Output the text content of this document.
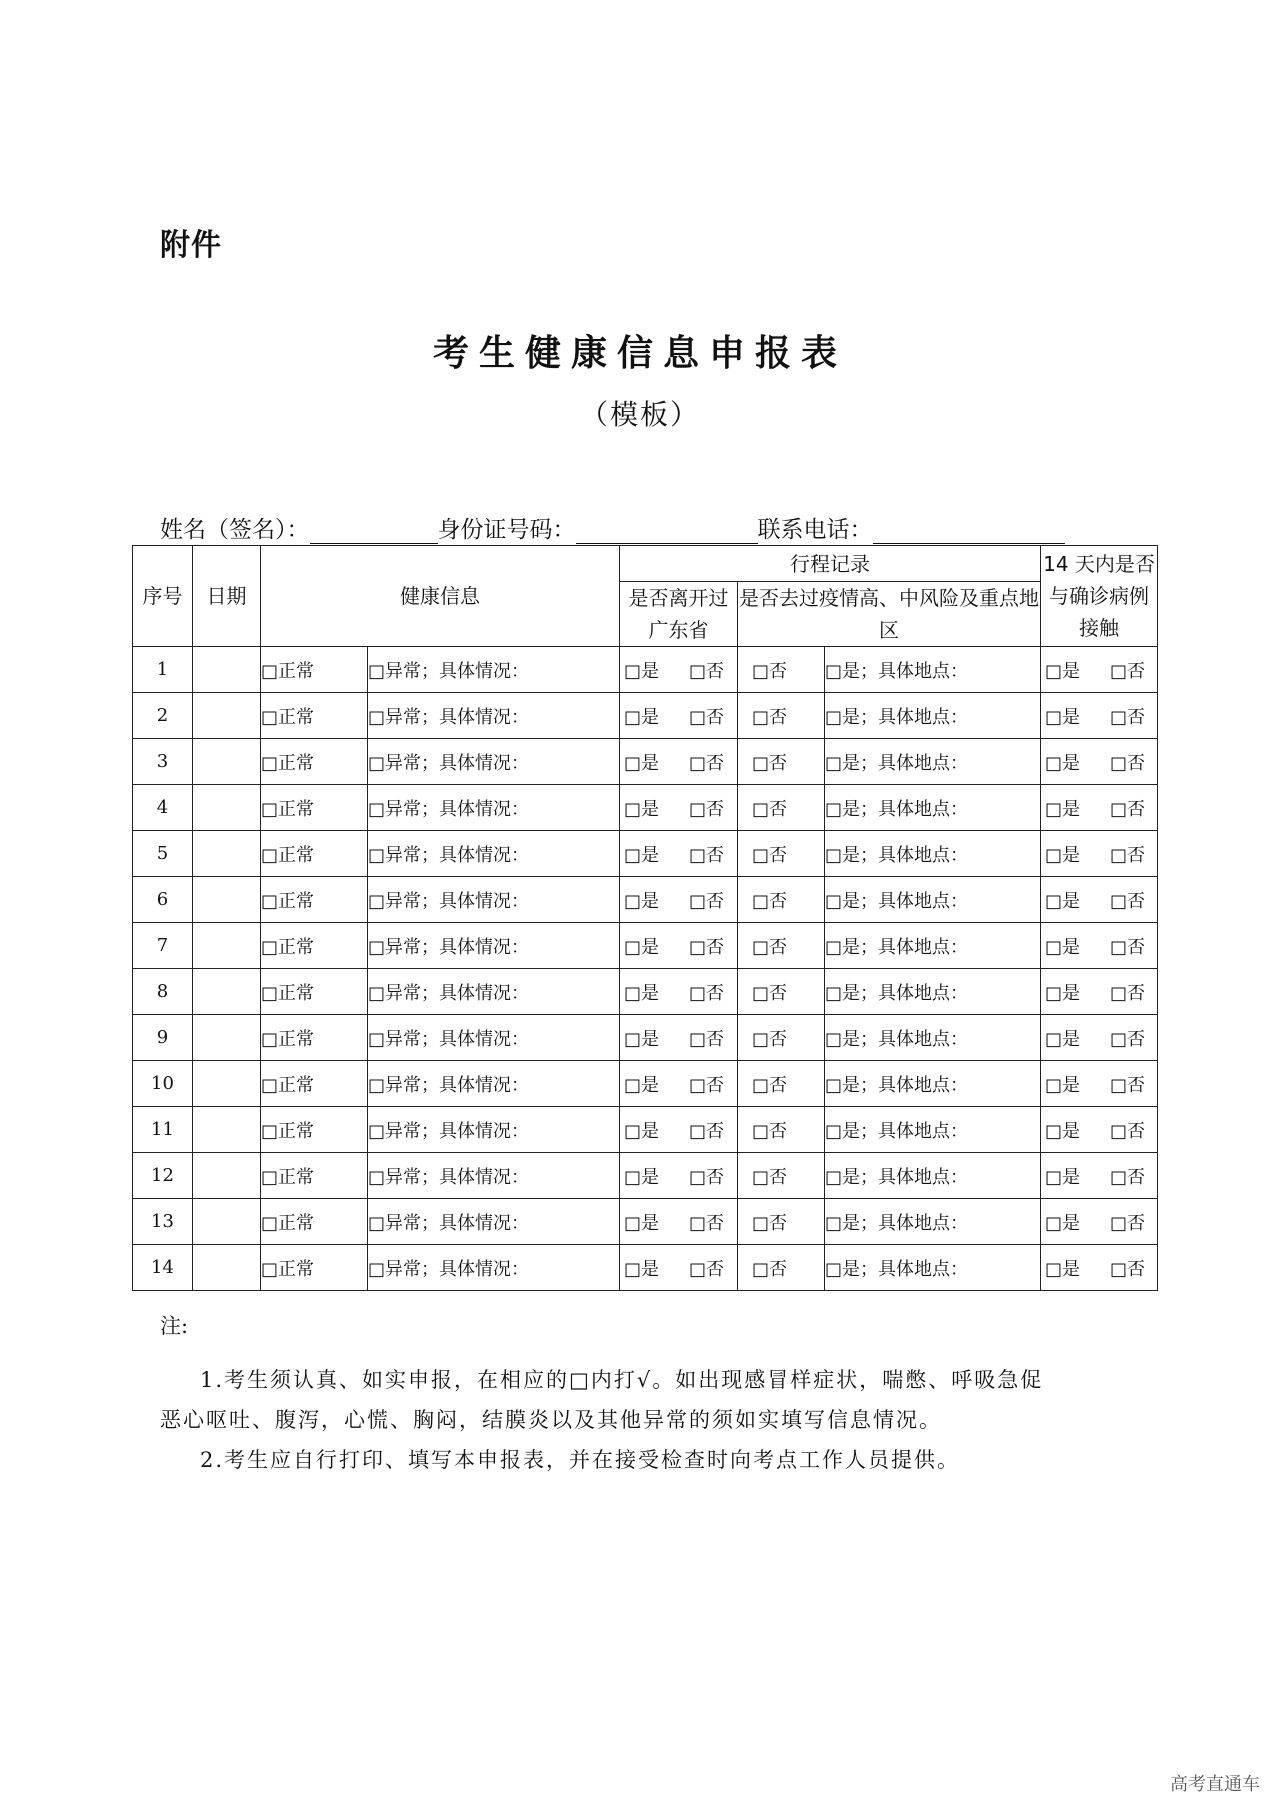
附件
考生健康信息申报表
（模板）
姓名（签名）：	身份证号码：	联系电话：
序号	日期	健康信息		行程记录			14 天内是否与确诊病例接触
				是否离开过广东省	是否去过疫情高、中风险及重点地区		
1		□正常	□异常；具体情况：	□是 □否	□否	□是；具体地点：	□是 □否
2		□正常	□异常；具体情况：	□是 □否	□否	□是；具体地点：	□是 □否
3		□正常	□异常；具体情况：	□是 □否	□否	□是；具体地点：	□是 □否
4		□正常	□异常；具体情况：	□是 □否	□否	□是；具体地点：	□是 □否
5		□正常	□异常；具体情况：	□是 □否	□否	□是；具体地点：	□是 □否
6		□正常	□异常；具体情况：	□是 □否	□否	□是；具体地点：	□是 □否
7		□正常	□异常；具体情况：	□是 □否	□否	□是；具体地点：	□是 □否
8		□正常	□异常；具体情况：	□是 □否	□否	□是；具体地点：	□是 □否
9		□正常	□异常；具体情况：	□是 □否	□否	□是；具体地点：	□是 □否
10		□正常	□异常；具体情况：	□是 □否	□否	□是；具体地点：	□是 □否
11		□正常	□异常；具体情况：	□是 □否	□否	□是；具体地点：	□是 □否
12		□正常	□异常；具体情况：	□是 □否	□否	□是；具体地点：	□是 □否
13		□正常	□异常；具体情况：	□是 □否	□否	□是；具体地点：	□是 □否
14		□正常	□异常；具体情况：	□是 □否	□否	□是；具体地点：	□是 □否
注:
1.考生须认真、如实申报，在相应的□内打√。如出现感冒样症状，喘憋、呼吸急促
恶心呕吐、腹泻，心慌、胸闷，结膜炎以及其他异常的须如实填写信息情况。
2.考生应自行打印、填写本申报表，并在接受检查时向考点工作人员提供。
高考直通车
